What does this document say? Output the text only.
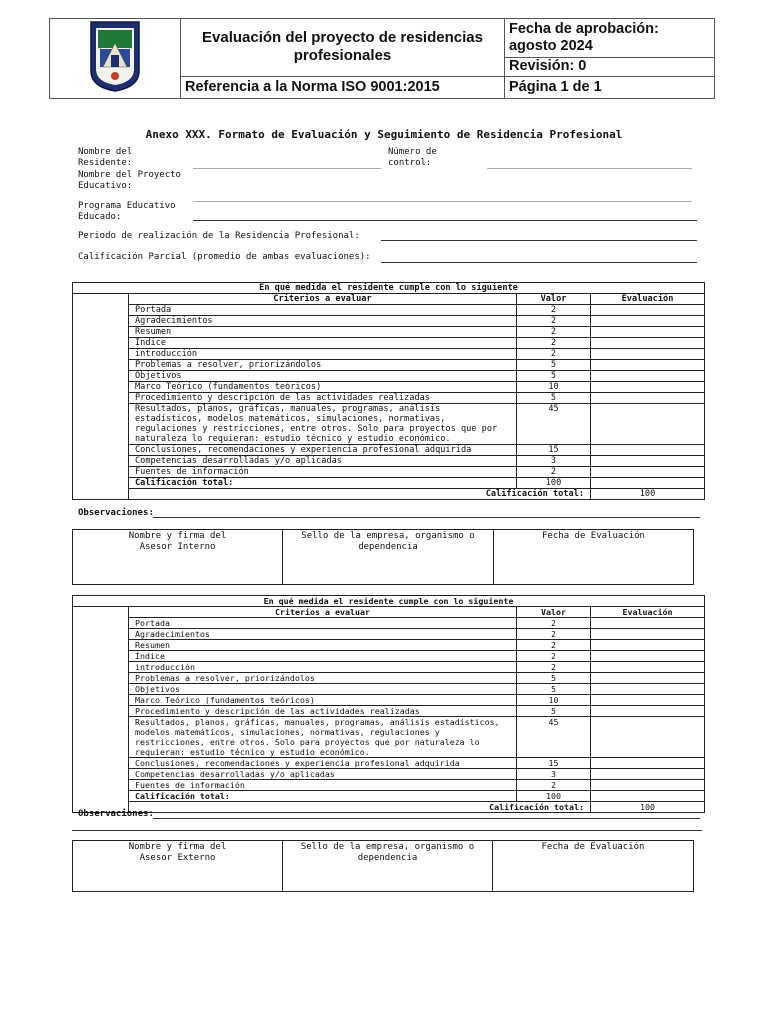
	Evaluación del proyecto de residencias profesionales	Fecha de aprobación: agosto 2024
		Revisión: 0
	Referencia a la Norma ISO 9001:2015	Página 1 de 1
Anexo XXX. Formato de Evaluación y Seguimiento de Residencia Profesional
Nombre del Residente:
Número de control:
Nombre del Proyecto Educativo:
Programa Educativo Educado:
Periodo de realización de la Residencia Profesional:
Calificación Parcial (promedio de ambas evaluaciones):
En qué medida el residente cumple con lo siguiente				
	Criterios a evaluar	Valor	Evaluación	
	Portada	2		
	Agradecimientos	2		
	Resumen	2		
	Índice	2		
	introducción	2		
	Problemas a resolver, priorizándolos	5		
	Objetivos	5		
	Marco Teórico (fundamentos teóricos)	10		
	Procedimiento y descripción de las actividades realizadas	5		
	Resultados, planos, gráficas, manuales, programas, análisis estadísticos, modelos matemáticos, simulaciones, normativas, regulaciones y restricciones, entre otros. Solo para proyectos que por naturaleza lo requieran: estudio técnico y estudio económico.	45		
	Conclusiones, recomendaciones y experiencia profesional adquirida	15		
	Competencias desarrolladas y/o aplicadas	3		
	Fuentes de información	2		
	Calificación total:	100		
	Calificación total:		100	
Observaciones:
Nombre y firma del Asesor Interno	Sello de la empresa, organismo o dependencia	Fecha de Evaluación
En qué medida el residente cumple con lo siguiente				
	Criterios a evaluar	Valor	Evaluación	
	Portada	2		
	Agradecimientos	2		
	Resumen	2		
	Índice	2		
	introducción	2		
	Problemas a resolver, priorizándolos	5		
	Objetivos	5		
	Marco Teórico (fundamentos teóricos)	10		
	Procedimiento y descripción de las actividades realizadas	5		
	Resultados, planos, gráficas, manuales, programas, análisis estadísticos, modelos matemáticos, simulaciones, normativas, regulaciones y restricciones, entre otros. Solo para proyectos que por naturaleza lo requieran: estudio técnico y estudio económico.	45		
	Conclusiones, recomendaciones y experiencia profesional adquirida	15		
	Competencias desarrolladas y/o aplicadas	3		
	Fuentes de información	2		
	Calificación total:	100		
	Calificación total:		100	
Observaciones:
Nombre y firma del Asesor Externo	Sello de la empresa, organismo o dependencia	Fecha de Evaluación
